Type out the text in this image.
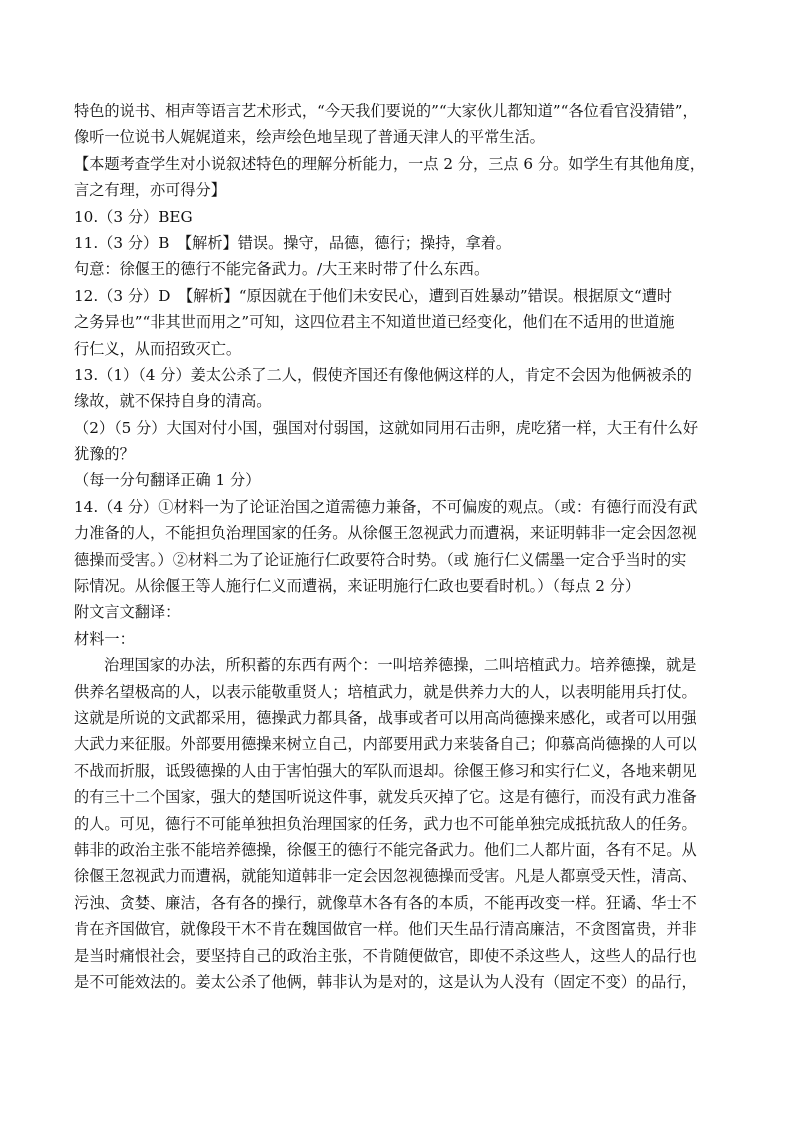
特色的说书、相声等语言艺术形式，“今天我们要说的”“大家伙儿都知道”“各位看官没猜错”，
像听一位说书人娓娓道来，绘声绘色地呈现了普通天津人的平常生活。
【本题考查学生对小说叙述特色的理解分析能力，一点 2 分，三点 6 分。如学生有其他角度，
言之有理，亦可得分】
10.（3 分）BEG
11.（3 分）B　【解析】错误。操守，品德，德行；操持，拿着。
句意：徐偃王的德行不能完备武力。/大王来时带了什么东西。
12.（3 分）D　【解析】“原因就在于他们未安民心，遭到百姓暴动”错误。根据原文“遭时
之务异也”“非其世而用之”可知，这四位君主不知道世道已经变化，他们在不适用的世道施
行仁义，从而招致灭亡。
13.（1）（4 分）姜太公杀了二人，假使齐国还有像他俩这样的人，肯定不会因为他俩被杀的
缘故，就不保持自身的清高。
（2）（5 分）大国对付小国，强国对付弱国，这就如同用石击卵，虎吃猪一样，大王有什么好
犹豫的？
（每一分句翻译正确 1 分）
14.（4 分）①材料一为了论证治国之道需德力兼备，不可偏废的观点。（或：有德行而没有武
力准备的人，不能担负治理国家的任务。从徐偃王忽视武力而遭祸，来证明韩非一定会因忽视
德操而受害。）②材料二为了论证施行仁政要符合时势。（或 施行仁义儒墨一定合乎当时的实
际情况。从徐偃王等人施行仁义而遭祸，来证明施行仁政也要看时机。）（每点 2 分）
附文言文翻译：
材料一：
治理国家的办法，所积蓄的东西有两个：一叫培养德操，二叫培植武力。培养德操，就是
供养名望极高的人，以表示能敬重贤人；培植武力，就是供养力大的人，以表明能用兵打仗。
这就是所说的文武都采用，德操武力都具备，战事或者可以用高尚德操来感化，或者可以用强
大武力来征服。外部要用德操来树立自己，内部要用武力来装备自己；仰慕高尚德操的人可以
不战而折服，诋毁德操的人由于害怕强大的军队而退却。徐偃王修习和实行仁义，各地来朝见
的有三十二个国家，强大的楚国听说这件事，就发兵灭掉了它。这是有德行，而没有武力准备
的人。可见，德行不可能单独担负治理国家的任务，武力也不可能单独完成抵抗敌人的任务。
韩非的政治主张不能培养德操，徐偃王的德行不能完备武力。他们二人都片面，各有不足。从
徐偃王忽视武力而遭祸，就能知道韩非一定会因忽视德操而受害。凡是人都禀受天性，清高、
污浊、贪婪、廉洁，各有各的操行，就像草木各有各的本质，不能再改变一样。狂谲、华士不
肯在齐国做官，就像段干木不肯在魏国做官一样。他们天生品行清高廉洁，不贪图富贵，并非
是当时痛恨社会，要坚持自己的政治主张，不肯随便做官，即使不杀这些人，这些人的品行也
是不可能效法的。姜太公杀了他俩，韩非认为是对的，这是认为人没有（固定不变）的品行，
